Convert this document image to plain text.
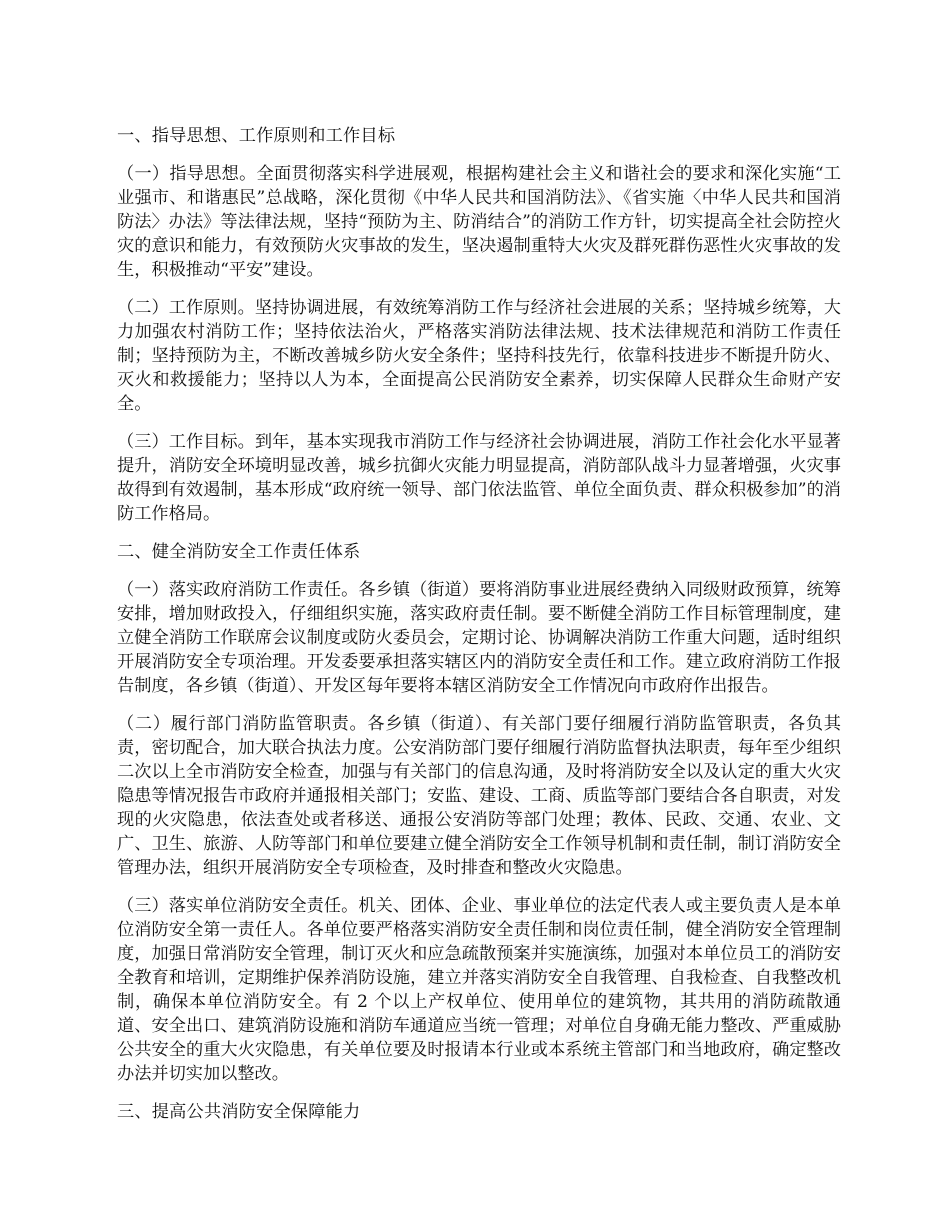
一、指导思想、工作原则和工作目标

（一）指导思想。全面贯彻落实科学进展观，根据构建社会主义和谐社会的要求和深化实施“工业强市、和谐惠民”总战略，深化贯彻《中华人民共和国消防法》、《省实施〈中华人民共和国消防法〉办法》等法律法规，坚持“预防为主、防消结合”的消防工作方针，切实提高全社会防控火灾的意识和能力，有效预防火灾事故的发生，坚决遏制重特大火灾及群死群伤恶性火灾事故的发生，积极推动“平安”建设。

（二）工作原则。坚持协调进展，有效统筹消防工作与经济社会进展的关系；坚持城乡统筹，大力加强农村消防工作；坚持依法治火，严格落实消防法律法规、技术法律规范和消防工作责任制；坚持预防为主，不断改善城乡防火安全条件；坚持科技先行，依靠科技进步不断提升防火、灭火和救援能力；坚持以人为本，全面提高公民消防安全素养，切实保障人民群众生命财产安全。

（三）工作目标。到年，基本实现我市消防工作与经济社会协调进展，消防工作社会化水平显著提升，消防安全环境明显改善，城乡抗御火灾能力明显提高，消防部队战斗力显著增强，火灾事故得到有效遏制，基本形成“政府统一领导、部门依法监管、单位全面负责、群众积极参加”的消防工作格局。

二、健全消防安全工作责任体系

（一）落实政府消防工作责任。各乡镇（街道）要将消防事业进展经费纳入同级财政预算，统筹安排，增加财政投入，仔细组织实施，落实政府责任制。要不断健全消防工作目标管理制度，建立健全消防工作联席会议制度或防火委员会，定期讨论、协调解决消防工作重大问题，适时组织开展消防安全专项治理。开发委要承担落实辖区内的消防安全责任和工作。建立政府消防工作报告制度，各乡镇（街道）、开发区每年要将本辖区消防安全工作情况向市政府作出报告。

（二）履行部门消防监管职责。各乡镇（街道）、有关部门要仔细履行消防监管职责，各负其责，密切配合，加大联合执法力度。公安消防部门要仔细履行消防监督执法职责，每年至少组织二次以上全市消防安全检查，加强与有关部门的信息沟通，及时将消防安全以及认定的重大火灾隐患等情况报告市政府并通报相关部门；安监、建设、工商、质监等部门要结合各自职责，对发现的火灾隐患，依法查处或者移送、通报公安消防等部门处理；教体、民政、交通、农业、文广、卫生、旅游、人防等部门和单位要建立健全消防安全工作领导机制和责任制，制订消防安全管理办法，组织开展消防安全专项检查，及时排查和整改火灾隐患。

（三）落实单位消防安全责任。机关、团体、企业、事业单位的法定代表人或主要负责人是本单位消防安全第一责任人。各单位要严格落实消防安全责任制和岗位责任制，健全消防安全管理制度，加强日常消防安全管理，制订灭火和应急疏散预案并实施演练，加强对本单位员工的消防安全教育和培训，定期维护保养消防设施，建立并落实消防安全自我管理、自我检查、自我整改机制，确保本单位消防安全。有 2 个以上产权单位、使用单位的建筑物，其共用的消防疏散通道、安全出口、建筑消防设施和消防车通道应当统一管理；对单位自身确无能力整改、严重威胁公共安全的重大火灾隐患，有关单位要及时报请本行业或本系统主管部门和当地政府，确定整改办法并切实加以整改。

三、提高公共消防安全保障能力
